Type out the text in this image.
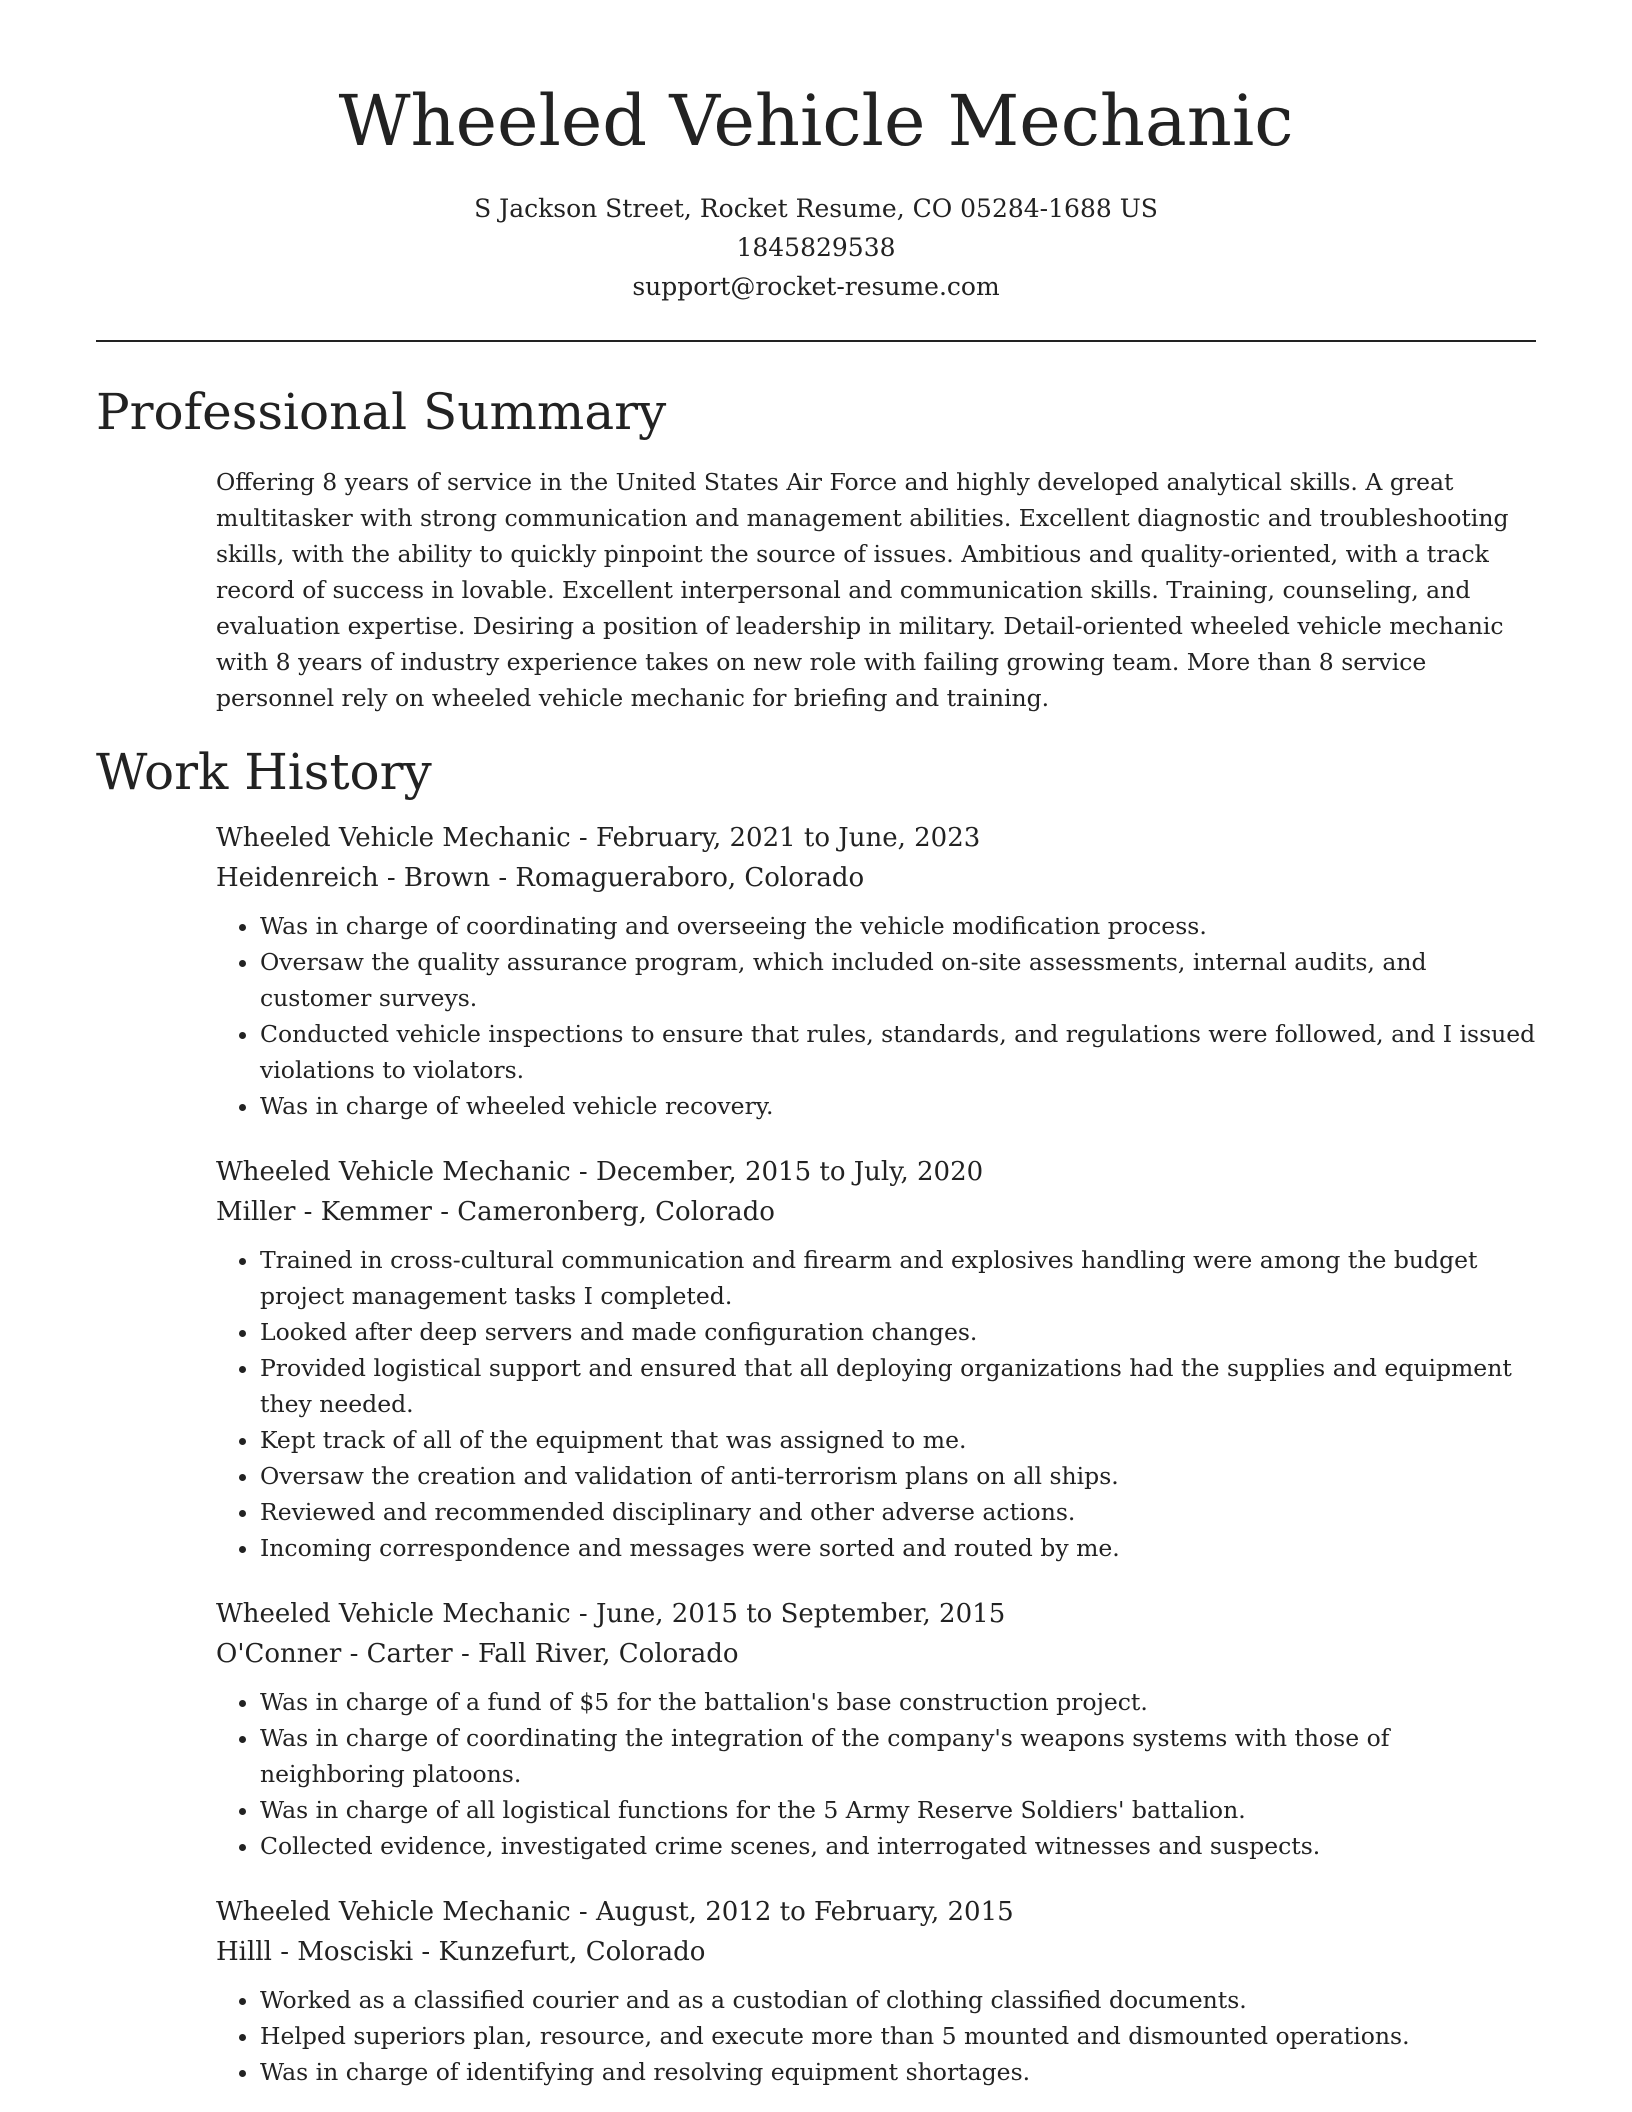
Wheeled Vehicle Mechanic
S Jackson Street, Rocket Resume, CO 05284-1688 US
1845829538
support@rocket-resume.com
Professional Summary

Offering 8 years of service in the United States Air Force and highly developed analytical skills. A great multitasker with strong communication and management abilities. Excellent diagnostic and troubleshooting skills, with the ability to quickly pinpoint the source of issues. Ambitious and quality-oriented, with a track record of success in lovable. Excellent interpersonal and communication skills. Training, counseling, and evaluation expertise. Desiring a position of leadership in military. Detail-oriented wheeled vehicle mechanic with 8 years of industry experience takes on new role with failing growing team. More than 8 service personnel rely on wheeled vehicle mechanic for briefing and training.

Work History
Wheeled Vehicle Mechanic - February, 2021 to June, 2023
Heidenreich - Brown - Romagueraboro, Colorado
• Was in charge of coordinating and overseeing the vehicle modification process.
• Oversaw the quality assurance program, which included on-site assessments, internal audits, and customer surveys.
• Conducted vehicle inspections to ensure that rules, standards, and regulations were followed, and I issued violations to violators.
• Was in charge of wheeled vehicle recovery.
Wheeled Vehicle Mechanic - December, 2015 to July, 2020
Miller - Kemmer - Cameronberg, Colorado
• Trained in cross-cultural communication and firearm and explosives handling were among the budget project management tasks I completed.
• Looked after deep servers and made configuration changes.
• Provided logistical support and ensured that all deploying organizations had the supplies and equipment they needed.
• Kept track of all of the equipment that was assigned to me.
• Oversaw the creation and validation of anti-terrorism plans on all ships.
• Reviewed and recommended disciplinary and other adverse actions.
• Incoming correspondence and messages were sorted and routed by me.
Wheeled Vehicle Mechanic - June, 2015 to September, 2015
O'Conner - Carter - Fall River, Colorado
• Was in charge of a fund of $5 for the battalion's base construction project.
• Was in charge of coordinating the integration of the company's weapons systems with those of neighboring platoons.
• Was in charge of all logistical functions for the 5 Army Reserve Soldiers' battalion.
• Collected evidence, investigated crime scenes, and interrogated witnesses and suspects.
Wheeled Vehicle Mechanic - August, 2012 to February, 2015
Hilll - Mosciski - Kunzefurt, Colorado
• Worked as a classified courier and as a custodian of clothing classified documents.
• Helped superiors plan, resource, and execute more than 5 mounted and dismounted operations.
• Was in charge of identifying and resolving equipment shortages.
